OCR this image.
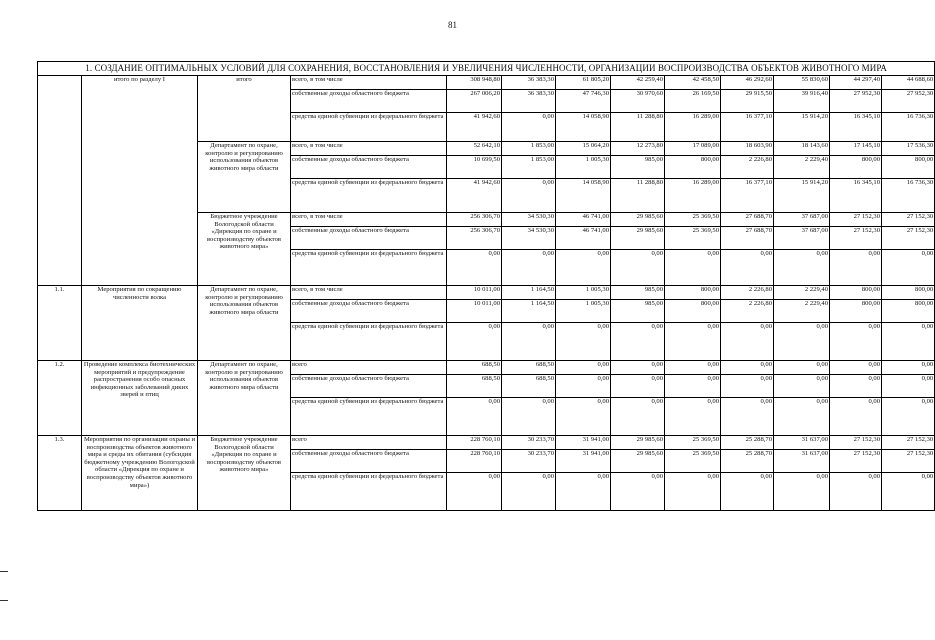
81
1. СОЗДАНИЕ ОПТИМАЛЬНЫХ УСЛОВИЙ ДЛЯ СОХРАНЕНИЯ, ВОССТАНОВЛЕНИЯ И УВЕЛИЧЕНИЯ ЧИСЛЕННОСТИ, ОРГАНИЗАЦИИ ВОСПРОИЗВОДСТВА ОБЪЕКТОВ ЖИВОТНОГО МИРА												
	итого по разделу I	итого	всего, в том числе	308 948,80	36 383,30	61 805,20	42 259,40	42 458,50	46 292,60	55 830,60	44 297,40	44 688,60
			собственные доходы областного бюджета	267 006,20	36 383,30	47 746,30	30 970,60	26 169,50	29 915,50	39 916,40	27 952,30	27 952,30
			средства единой субвенции из федерального бюджета	41 942,60	0,00	14 058,90	11 288,80	16 289,00	16 377,10	15 914,20	16 345,10	16 736,30
		Департамент по охране, контролю и регулированию использования объектов животного мира области	всего, в том числе	52 642,10	1 853,00	15 064,20	12 273,80	17 089,00	18 603,90	18 143,60	17 145,10	17 536,30
			собственные доходы областного бюджета	10 699,50	1 853,00	1 005,30	985,00	800,00	2 226,80	2 229,40	800,00	800,00
			средства единой субвенции из федерального бюджета	41 942,60	0,00	14 058,90	11 288,80	16 289,00	16 377,10	15 914,20	16 345,10	16 736,30
		Бюджетное учреждение Вологодской области «Дирекция по охране и воспроизводству объектов животного мира»	всего, в том числе	256 306,70	34 530,30	46 741,00	29 985,60	25 369,50	27 688,70	37 687,00	27 152,30	27 152,30
			собственные доходы областного бюджета	256 306,70	34 530,30	46 741,00	29 985,60	25 369,50	27 688,70	37 687,00	27 152,30	27 152,30
			средства единой субвенции из федерального бюджета	0,00	0,00	0,00	0,00	0,00	0,00	0,00	0,00	0,00
1.1.	Мероприятия по сокращению численности волка	Департамент по охране, контролю и регулированию использования объектов животного мира области	всего, в том числе	10 011,00	1 164,50	1 005,30	985,00	800,00	2 226,80	2 229,40	800,00	800,00
			собственные доходы областного бюджета	10 011,00	1 164,50	1 005,30	985,00	800,00	2 226,80	2 229,40	800,00	800,00
			средства единой субвенции из федерального бюджета	0,00	0,00	0,00	0,00	0,00	0,00	0,00	0,00	0,00
1.2.	Проведение комплекса биотехнических мероприятий и предупреждение распространения особо опасных инфекционных заболеваний диких зверей и птиц	Департамент по охране, контролю и регулированию использования объектов животного мира области	всего	688,50	688,50	0,00	0,00	0,00	0,00	0,00	0,00	0,00
			собственные доходы областного бюджета	688,50	688,50	0,00	0,00	0,00	0,00	0,00	0,00	0,00
			средства единой субвенции из федерального бюджета	0,00	0,00	0,00	0,00	0,00	0,00	0,00	0,00	0,00
1.3.	Мероприятия по организации охраны и воспроизводства объектов животного мира и среды их обитания (субсидия бюджетному учреждению Вологодской области «Дирекция по охране и воспроизводству объектов животного мира»)	Бюджетное учреждение Вологодской области «Дирекция по охране и воспроизводству объектов животного мира»	всего	228 760,10	30 233,70	31 941,00	29 985,60	25 369,50	25 288,70	31 637,00	27 152,30	27 152,30
			собственные доходы областного бюджета	228 760,10	30 233,70	31 941,00	29 985,60	25 369,50	25 288,70	31 637,00	27 152,30	27 152,30
			средства единой субвенции из федерального бюджета	0,00	0,00	0,00	0,00	0,00	0,00	0,00	0,00	0,00
